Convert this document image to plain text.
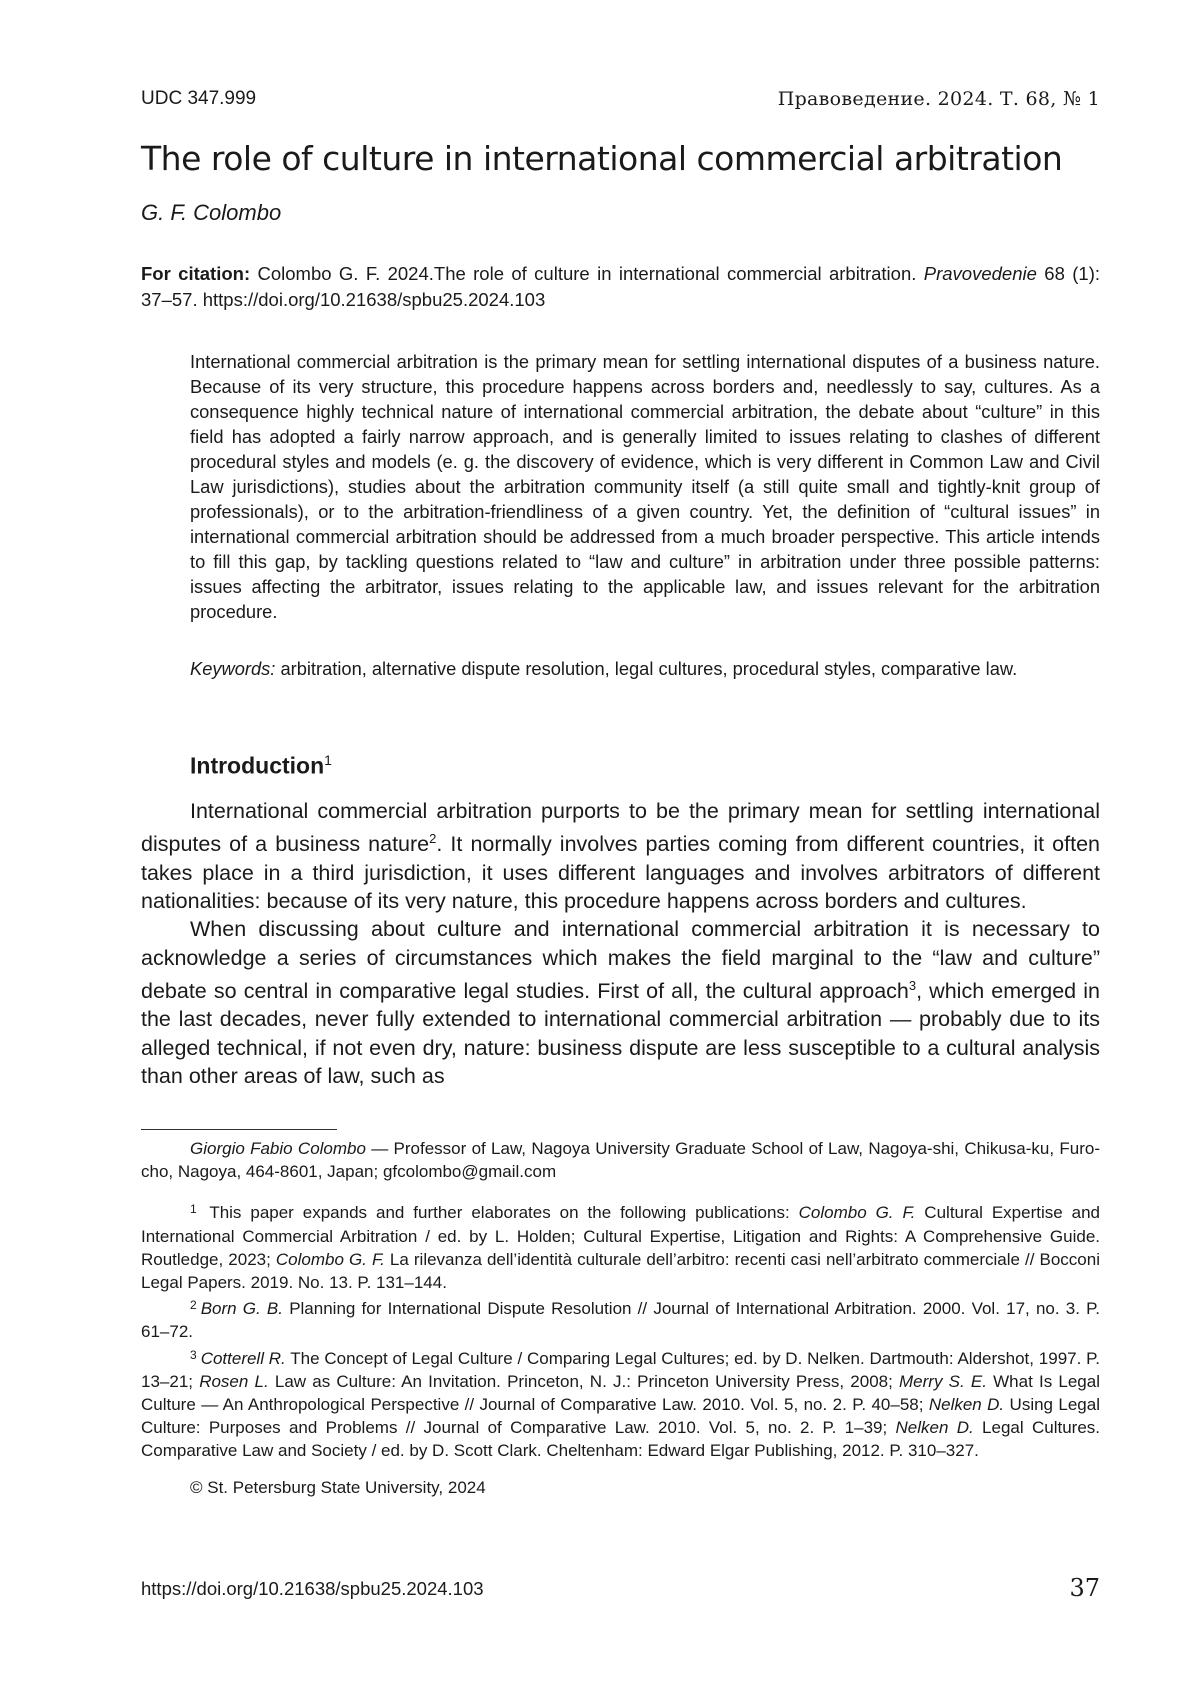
UDC 347.999	Правоведение. 2024. Т. 68, № 1
The role of culture in international commercial arbitration
G. F. Colombo
For citation: Colombo G. F. 2024.The role of culture in international commercial arbitration. Pravovedenie 68 (1): 37–57. https://doi.org/10.21638/spbu25.2024.103
International commercial arbitration is the primary mean for settling international disputes of a business nature. Because of its very structure, this procedure happens across borders and, needlessly to say, cultures. As a consequence highly technical nature of international commercial arbitration, the debate about “culture” in this field has adopted a fairly narrow approach, and is generally limited to issues relating to clashes of different procedural styles and models (e. g. the discovery of evidence, which is very different in Common Law and Civil Law jurisdictions), studies about the arbitration community itself (a still quite small and tightly-knit group of professionals), or to the arbitration-friendliness of a given country. Yet, the definition of “cultural issues” in international commercial arbitration should be addressed from a much broader perspective. This article intends to fill this gap, by tackling questions related to “law and culture” in arbitration under three possible patterns: issues affecting the arbitrator, issues relating to the applicable law, and issues relevant for the arbitration procedure.
Keywords: arbitration, alternative dispute resolution, legal cultures, procedural styles, comparative law.
Introduction$^1$

International commercial arbitration purports to be the primary mean for settling international disputes of a business nature$^2$. It normally involves parties coming from different countries, it often takes place in a third jurisdiction, it uses different languages and involves arbitrators of different nationalities: because of its very nature, this procedure happens across borders and cultures.

When discussing about culture and international commercial arbitration it is necessary to acknowledge a series of circumstances which makes the field marginal to the “law and culture” debate so central in comparative legal studies. First of all, the cultural approach$^3$, which emerged in the last decades, never fully extended to international commercial arbitration — probably due to its alleged technical, if not even dry, nature: business dispute are less susceptible to a cultural analysis than other areas of law, such as

Giorgio Fabio Colombo — Professor of Law, Nagoya University Graduate School of Law, Nagoya-shi, Chikusa-ku, Furo-cho, Nagoya, 464-8601, Japan; gfcolombo@gmail.com

$^1$ This paper expands and further elaborates on the following publications: Colombo G. F. Cultural Expertise and International Commercial Arbitration / ed. by L. Holden; Cultural Expertise, Litigation and Rights: A Comprehensive Guide. Routledge, 2023; Colombo G. F. La rilevanza dell’identità culturale dell’arbitro: recenti casi nell’arbitrato commerciale // Bocconi Legal Papers. 2019. No. 13. P. 131–144.

$^2$ Born G. B. Planning for International Dispute Resolution // Journal of International Arbitration. 2000. Vol. 17, no. 3. P. 61–72.

$^3$ Cotterell R. The Concept of Legal Culture / Comparing Legal Cultures; ed. by D. Nelken. Dartmouth: Aldershot, 1997. P. 13–21; Rosen L. Law as Culture: An Invitation. Princeton, N. J.: Princeton University Press, 2008; Merry S. E. What Is Legal Culture — An Anthropological Perspective // Journal of Comparative Law. 2010. Vol. 5, no. 2. P. 40–58; Nelken D. Using Legal Culture: Purposes and Problems // Journal of Comparative Law. 2010. Vol. 5, no. 2. P. 1–39; Nelken D. Legal Cultures. Comparative Law and Society / ed. by D. Scott Clark. Cheltenham: Edward Elgar Publishing, 2012. P. 310–327.

© St. Petersburg State University, 2024

https://doi.org/10.21638/spbu25.2024.103	37
